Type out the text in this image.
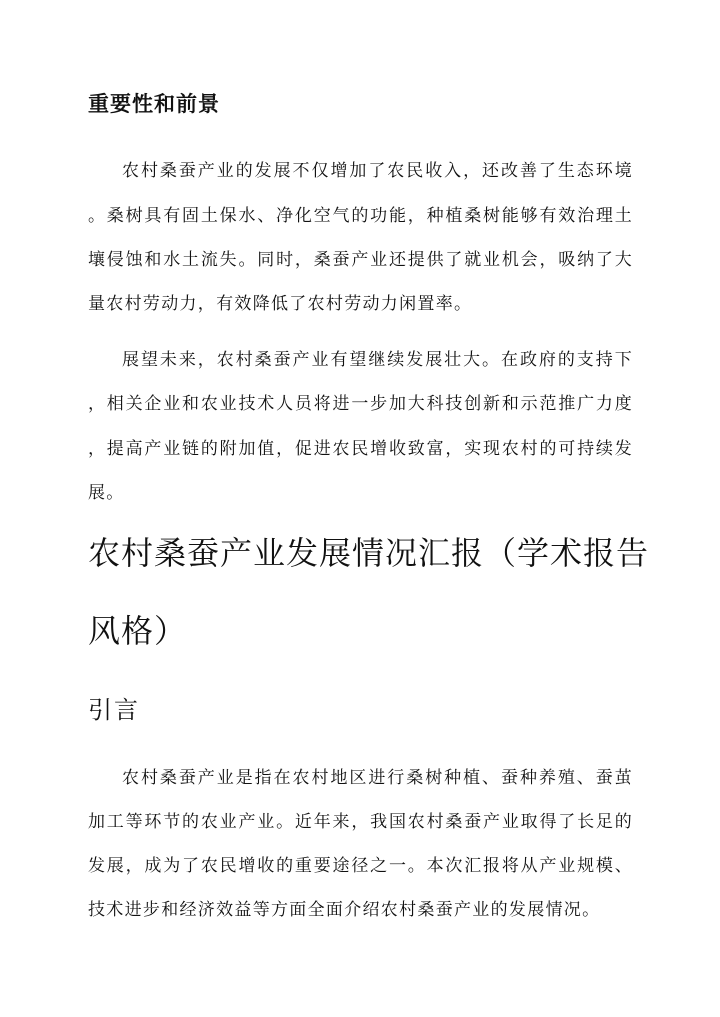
重要性和前景
农村桑蚕产业的发展不仅增加了农民收入，还改善了生态环境
。桑树具有固土保水、净化空气的功能，种植桑树能够有效治理土
壤侵蚀和水土流失。同时，桑蚕产业还提供了就业机会，吸纳了大
量农村劳动力，有效降低了农村劳动力闲置率。
展望未来，农村桑蚕产业有望继续发展壮大。在政府的支持下
，相关企业和农业技术人员将进一步加大科技创新和示范推广力度
，提高产业链的附加值，促进农民增收致富，实现农村的可持续发
展。
农村桑蚕产业发展情况汇报（学术报告
风格）
引言
农村桑蚕产业是指在农村地区进行桑树种植、蚕种养殖、蚕茧
加工等环节的农业产业。近年来，我国农村桑蚕产业取得了长足的
发展，成为了农民增收的重要途径之一。本次汇报将从产业规模、
技术进步和经济效益等方面全面介绍农村桑蚕产业的发展情况。
